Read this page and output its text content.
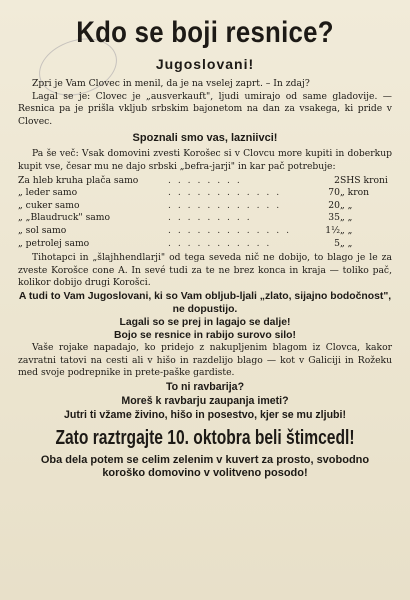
Kdo se boji resnice?
Jugoslovani!

Zpri je Vam Clovec in menil, da je na vselej zaprt. – In zdaj?

Lagal se je: Clovec je „ausverkauft", ljudi umirajo od same gladovije. — Resnica pa je prišla vkljub srbskim bajonetom na dan za vsakega, ki pride v Clovec.

Spoznali smo vas, lazniivci!

Pa še več: Vsak domovini zvesti Korošec si v Clovcu more kupiti in doberkup kupit vse, česar mu ne dajo srbski „befra-jarji" in kar pač potrebuje:

Za hleb kruha plača samo	. . . . . . . .	2	SHS kroni
„ leder samo	. . . . . . . . . . . .	70	„ kron
„ cuker samo	. . . . . . . . . . . .	20	„ „
„ „Blaudruck" samo	. . . . . . . . .	35	„ „
„ sol samo	. . . . . . . . . . . . .	1½	„ „
„ petrolej samo	. . . . . . . . . . .	5	„ „

Tihotapci in „šlajhhendlarji" od tega seveda nič ne dobijo, to blago je le za zveste Korošce cone A. In sevé tudi za te ne brez konca in kraja — toliko pač, kolikor dobijo drugi Korošci.

A tudi to Vam Jugoslovani, ki so Vam obljub-ljali „zlato, sijajno bodočnost", ne dopustijo.
Lagali so se prej in lagajo se dalje!
Bojo se resnice in rabijo surovo silo!

Vaše rojake napadajo, ko pridejo z nakupljenim blagom iz Clovca, kakor zavratni tatovi na cesti ali v hišo in razdelijo blago — kot v Galiciji in Rožeku med svoje podrepnike in prete-paške gardiste.

To ni ravbarija?
Moreš k ravbarju zaupanja imeti?
Jutri ti vžame živino, hišo in posestvo, kjer se mu zljubi!
Zato raztrgajte 10. oktobra beli štimcedl!
Oba dela potem se celim zelenim v kuvert za prosto, svobodno koroško domovino v volitveno posodo!
